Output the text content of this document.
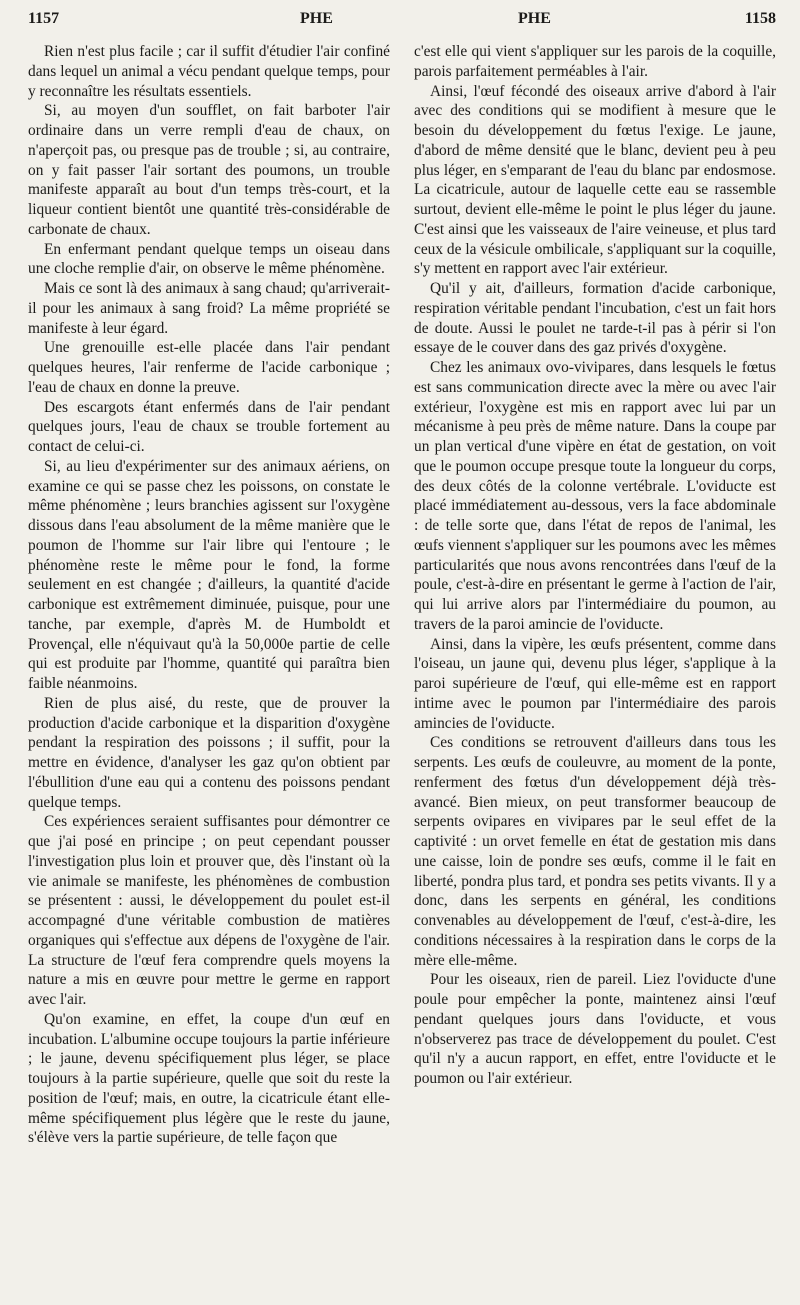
1157	PHE	PHE	1158

Rien n'est plus facile ; car il suffit d'étudier l'air confiné dans lequel un animal a vécu pendant quelque temps, pour y reconnaître les résultats essentiels.

Si, au moyen d'un soufflet, on fait barboter l'air ordinaire dans un verre rempli d'eau de chaux, on n'aperçoit pas, ou presque pas de trouble ; si, au contraire, on y fait passer l'air sortant des poumons, un trouble manifeste apparaît au bout d'un temps très-court, et la liqueur contient bientôt une quantité très-considérable de carbonate de chaux.

En enfermant pendant quelque temps un oiseau dans une cloche remplie d'air, on observe le même phénomène.

Mais ce sont là des animaux à sang chaud; qu'arriverait-il pour les animaux à sang froid? La même propriété se manifeste à leur égard.

Une grenouille est-elle placée dans l'air pendant quelques heures, l'air renferme de l'acide carbonique ; l'eau de chaux en donne la preuve.

Des escargots étant enfermés dans de l'air pendant quelques jours, l'eau de chaux se trouble fortement au contact de celui-ci.

Si, au lieu d'expérimenter sur des animaux aériens, on examine ce qui se passe chez les poissons, on constate le même phénomène ; leurs branchies agissent sur l'oxygène dissous dans l'eau absolument de la même manière que le poumon de l'homme sur l'air libre qui l'entoure ; le phénomène reste le même pour le fond, la forme seulement en est changée ; d'ailleurs, la quantité d'acide carbonique est extrêmement diminuée, puisque, pour une tanche, par exemple, d'après M. de Humboldt et Provençal, elle n'équivaut qu'à la 50,000e partie de celle qui est produite par l'homme, quantité qui paraîtra bien faible néanmoins.

Rien de plus aisé, du reste, que de prouver la production d'acide carbonique et la disparition d'oxygène pendant la respiration des poissons ; il suffit, pour la mettre en évidence, d'analyser les gaz qu'on obtient par l'ébullition d'une eau qui a contenu des poissons pendant quelque temps.

Ces expériences seraient suffisantes pour démontrer ce que j'ai posé en principe ; on peut cependant pousser l'investigation plus loin et prouver que, dès l'instant où la vie animale se manifeste, les phénomènes de combustion se présentent : aussi, le développement du poulet est-il accompagné d'une véritable combustion de matières organiques qui s'effectue aux dépens de l'oxygène de l'air. La structure de l'œuf fera comprendre quels moyens la nature a mis en œuvre pour mettre le germe en rapport avec l'air.

Qu'on examine, en effet, la coupe d'un œuf en incubation. L'albumine occupe toujours la partie inférieure ; le jaune, devenu spécifiquement plus léger, se place toujours à la partie supérieure, quelle que soit du reste la position de l'œuf; mais, en outre, la cicatricule étant elle-même spécifiquement plus légère que le reste du jaune, s'élève vers la partie supérieure, de telle façon que

c'est elle qui vient s'appliquer sur les parois de la coquille, parois parfaitement perméables à l'air.

Ainsi, l'œuf fécondé des oiseaux arrive d'abord à l'air avec des conditions qui se modifient à mesure que le besoin du développement du fœtus l'exige. Le jaune, d'abord de même densité que le blanc, devient peu à peu plus léger, en s'emparant de l'eau du blanc par endosmose. La cicatricule, autour de laquelle cette eau se rassemble surtout, devient elle-même le point le plus léger du jaune. C'est ainsi que les vaisseaux de l'aire veineuse, et plus tard ceux de la vésicule ombilicale, s'appliquant sur la coquille, s'y mettent en rapport avec l'air extérieur.

Qu'il y ait, d'ailleurs, formation d'acide carbonique, respiration véritable pendant l'incubation, c'est un fait hors de doute. Aussi le poulet ne tarde-t-il pas à périr si l'on essaye de le couver dans des gaz privés d'oxygène.

Chez les animaux ovo-vivipares, dans lesquels le fœtus est sans communication directe avec la mère ou avec l'air extérieur, l'oxygène est mis en rapport avec lui par un mécanisme à peu près de même nature. Dans la coupe par un plan vertical d'une vipère en état de gestation, on voit que le poumon occupe presque toute la longueur du corps, des deux côtés de la colonne vertébrale. L'oviducte est placé immédiatement au-dessous, vers la face abdominale : de telle sorte que, dans l'état de repos de l'animal, les œufs viennent s'appliquer sur les poumons avec les mêmes particularités que nous avons rencontrées dans l'œuf de la poule, c'est-à-dire en présentant le germe à l'action de l'air, qui lui arrive alors par l'intermédiaire du poumon, au travers de la paroi amincie de l'oviducte.

Ainsi, dans la vipère, les œufs présentent, comme dans l'oiseau, un jaune qui, devenu plus léger, s'applique à la paroi supérieure de l'œuf, qui elle-même est en rapport intime avec le poumon par l'intermédiaire des parois amincies de l'oviducte.

Ces conditions se retrouvent d'ailleurs dans tous les serpents. Les œufs de couleuvre, au moment de la ponte, renferment des fœtus d'un développement déjà très-avancé. Bien mieux, on peut transformer beaucoup de serpents ovipares en vivipares par le seul effet de la captivité : un orvet femelle en état de gestation mis dans une caisse, loin de pondre ses œufs, comme il le fait en liberté, pondra plus tard, et pondra ses petits vivants. Il y a donc, dans les serpents en général, les conditions convenables au développement de l'œuf, c'est-à-dire, les conditions nécessaires à la respiration dans le corps de la mère elle-même.

Pour les oiseaux, rien de pareil. Liez l'oviducte d'une poule pour empêcher la ponte, maintenez ainsi l'œuf pendant quelques jours dans l'oviducte, et vous n'observerez pas trace de développement du poulet. C'est qu'il n'y a aucun rapport, en effet, entre l'oviducte et le poumon ou l'air extérieur.
